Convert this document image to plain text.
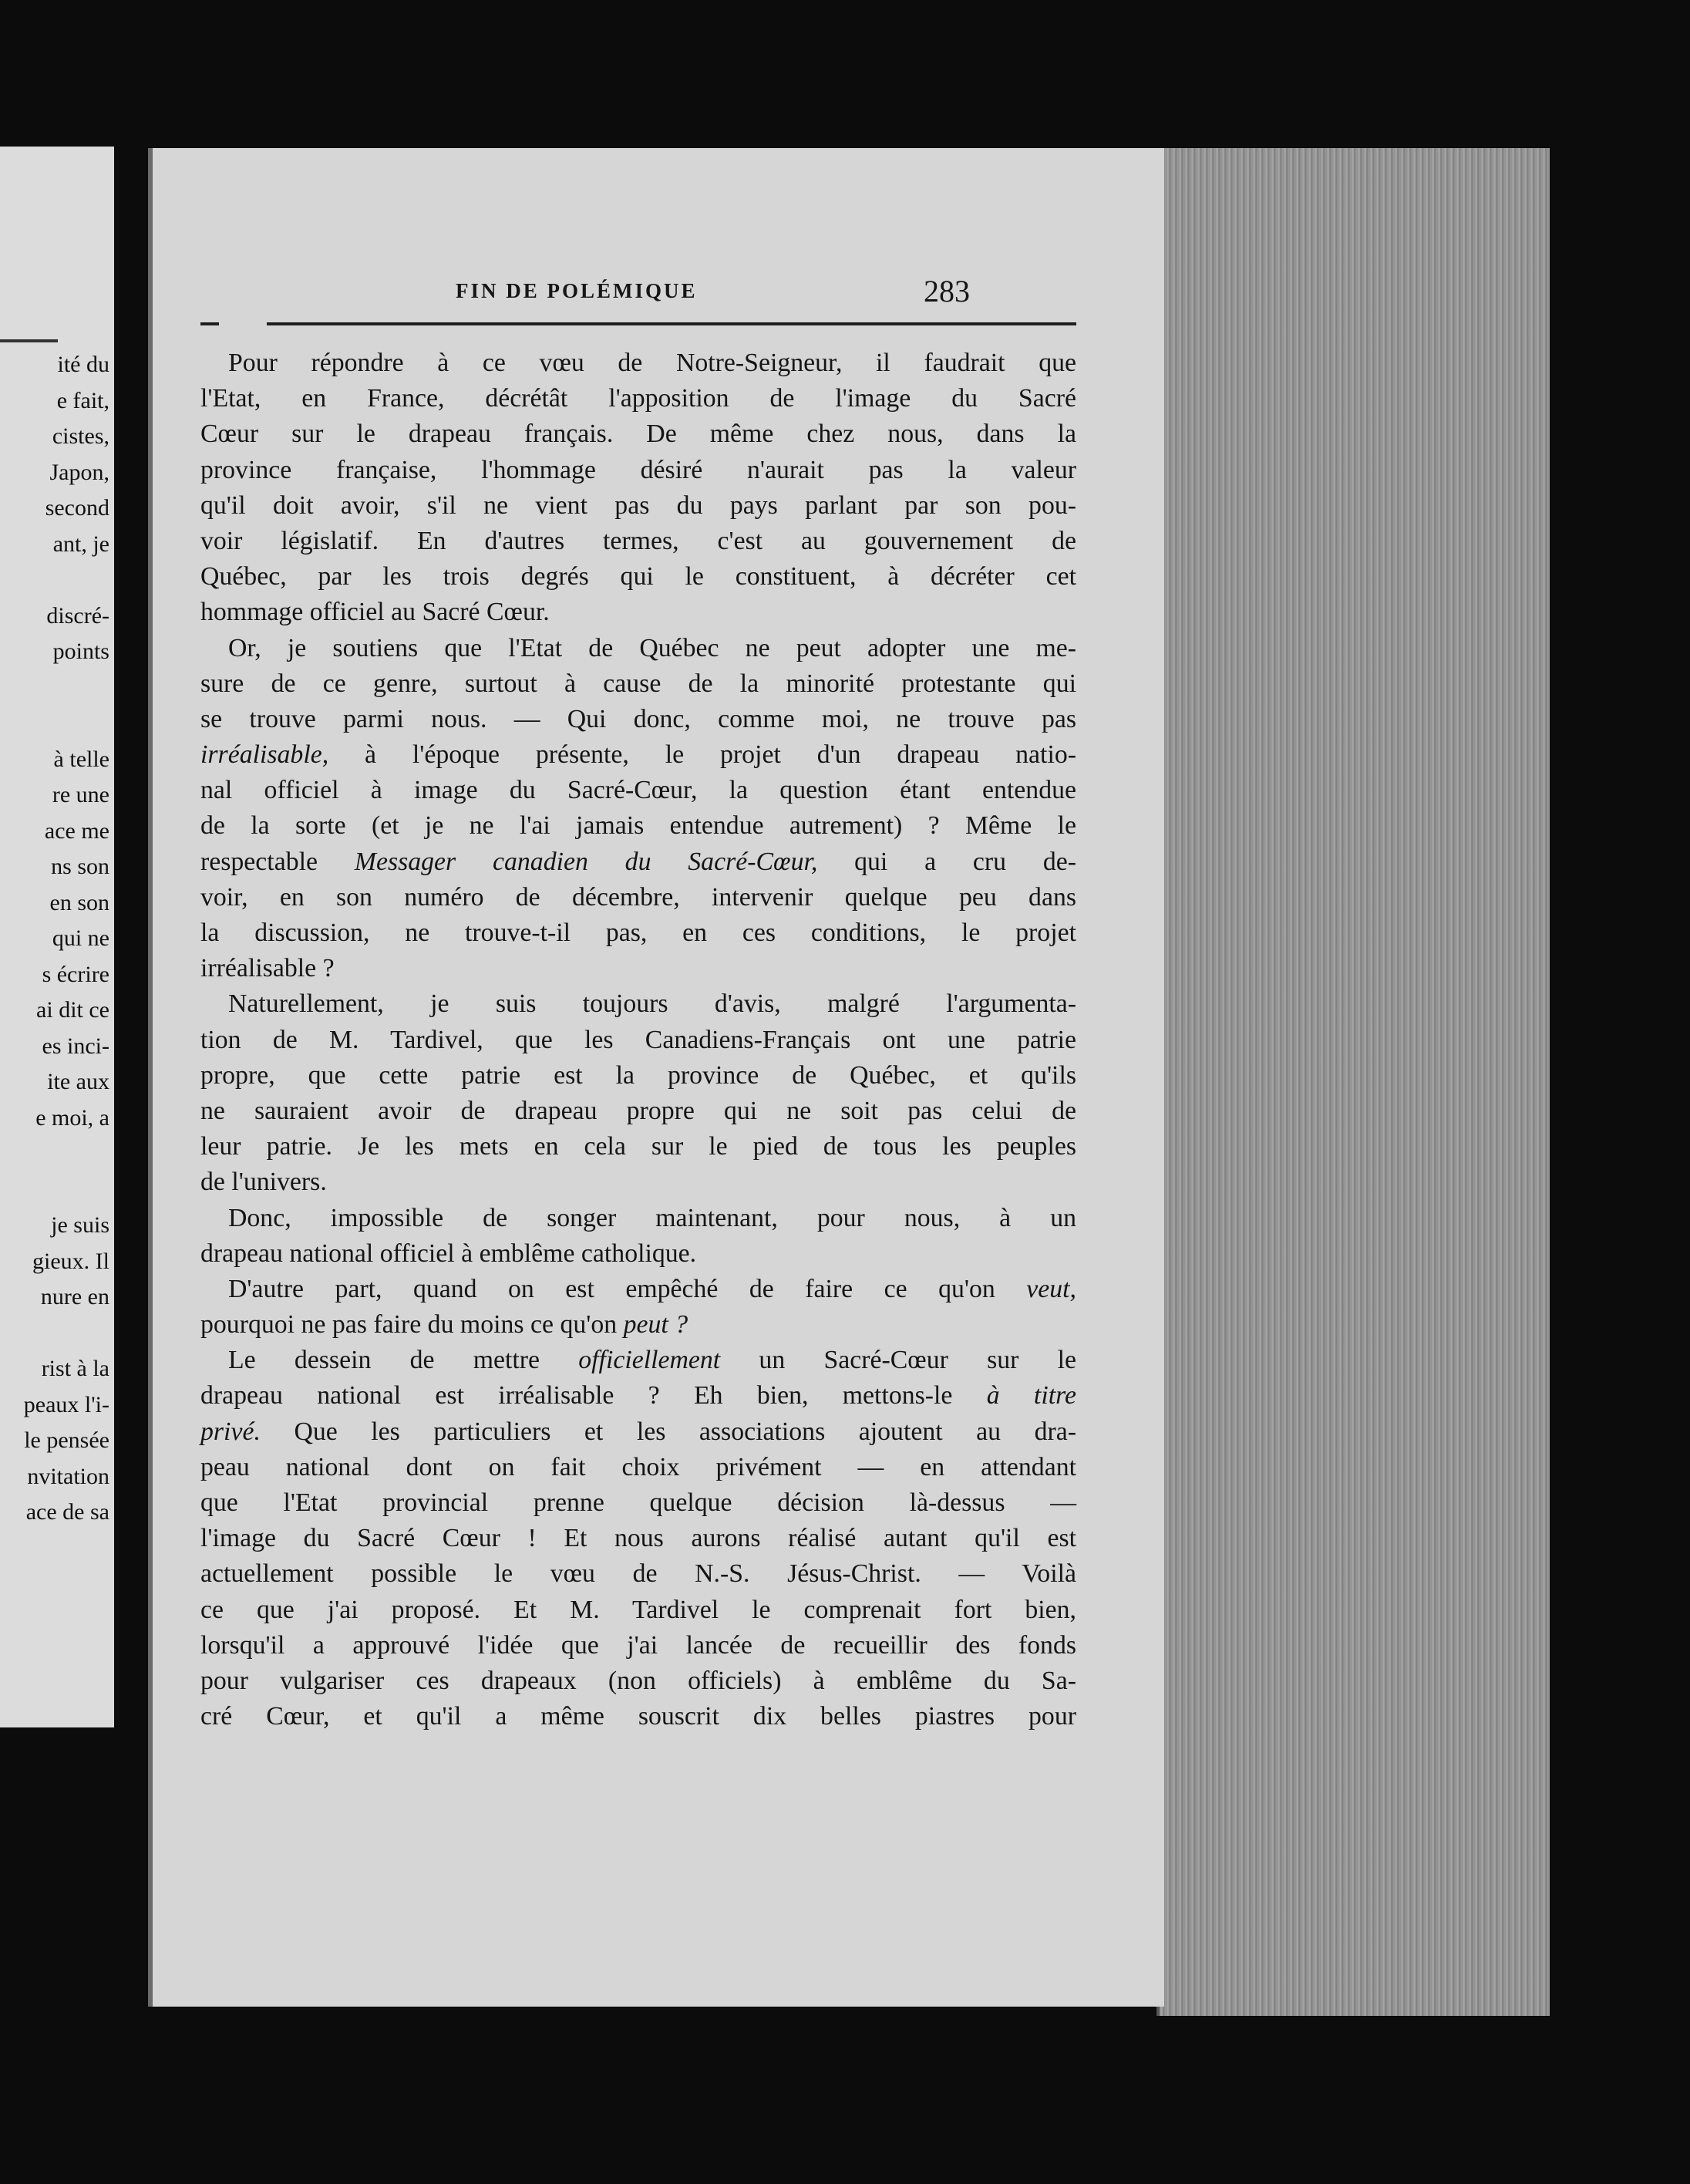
ité du
e fait,
cistes,
Japon,
second
ant, je
discré-
points
à telle
re une
ace me
ns son
en son
qui ne
s écrire
ai dit ce
es inci-
ite aux
e moi, a
je suis
gieux. Il
nure en
rist à la
peaux l'i-
le pensée
nvitation
ace de sa
FIN DE POLÉMIQUE	283
Pour répondre à ce vœu de Notre-Seigneur, il faudrait que
l'Etat, en France, décrétât l'apposition de l'image du Sacré
Cœur sur le drapeau français. De même chez nous, dans la
province française, l'hommage désiré n'aurait pas la valeur
qu'il doit avoir, s'il ne vient pas du pays parlant par son pou-
voir législatif. En d'autres termes, c'est au gouvernement de
Québec, par les trois degrés qui le constituent, à décréter cet
hommage officiel au Sacré Cœur.
Or, je soutiens que l'Etat de Québec ne peut adopter une me-
sure de ce genre, surtout à cause de la minorité protestante qui
se trouve parmi nous. — Qui donc, comme moi, ne trouve pas
irréalisable, à l'époque présente, le projet d'un drapeau natio-
nal officiel à image du Sacré-Cœur, la question étant entendue
de la sorte (et je ne l'ai jamais entendue autrement) ? Même le
respectable Messager canadien du Sacré-Cœur, qui a cru de-
voir, en son numéro de décembre, intervenir quelque peu dans
la discussion, ne trouve-t-il pas, en ces conditions, le projet
irréalisable ?
Naturellement, je suis toujours d'avis, malgré l'argumenta-
tion de M. Tardivel, que les Canadiens-Français ont une patrie
propre, que cette patrie est la province de Québec, et qu'ils
ne sauraient avoir de drapeau propre qui ne soit pas celui de
leur patrie. Je les mets en cela sur le pied de tous les peuples
de l'univers.
Donc, impossible de songer maintenant, pour nous, à un
drapeau national officiel à emblême catholique.
D'autre part, quand on est empêché de faire ce qu'on veut,
pourquoi ne pas faire du moins ce qu'on peut ?
Le dessein de mettre officiellement un Sacré-Cœur sur le
drapeau national est irréalisable ? Eh bien, mettons-le à titre
privé. Que les particuliers et les associations ajoutent au dra-
peau national dont on fait choix privément — en attendant
que l'Etat provincial prenne quelque décision là-dessus —
l'image du Sacré Cœur ! Et nous aurons réalisé autant qu'il est
actuellement possible le vœu de N.-S. Jésus-Christ. — Voilà
ce que j'ai proposé. Et M. Tardivel le comprenait fort bien,
lorsqu'il a approuvé l'idée que j'ai lancée de recueillir des fonds
pour vulgariser ces drapeaux (non officiels) à emblême du Sa-
cré Cœur, et qu'il a même souscrit dix belles piastres pour
